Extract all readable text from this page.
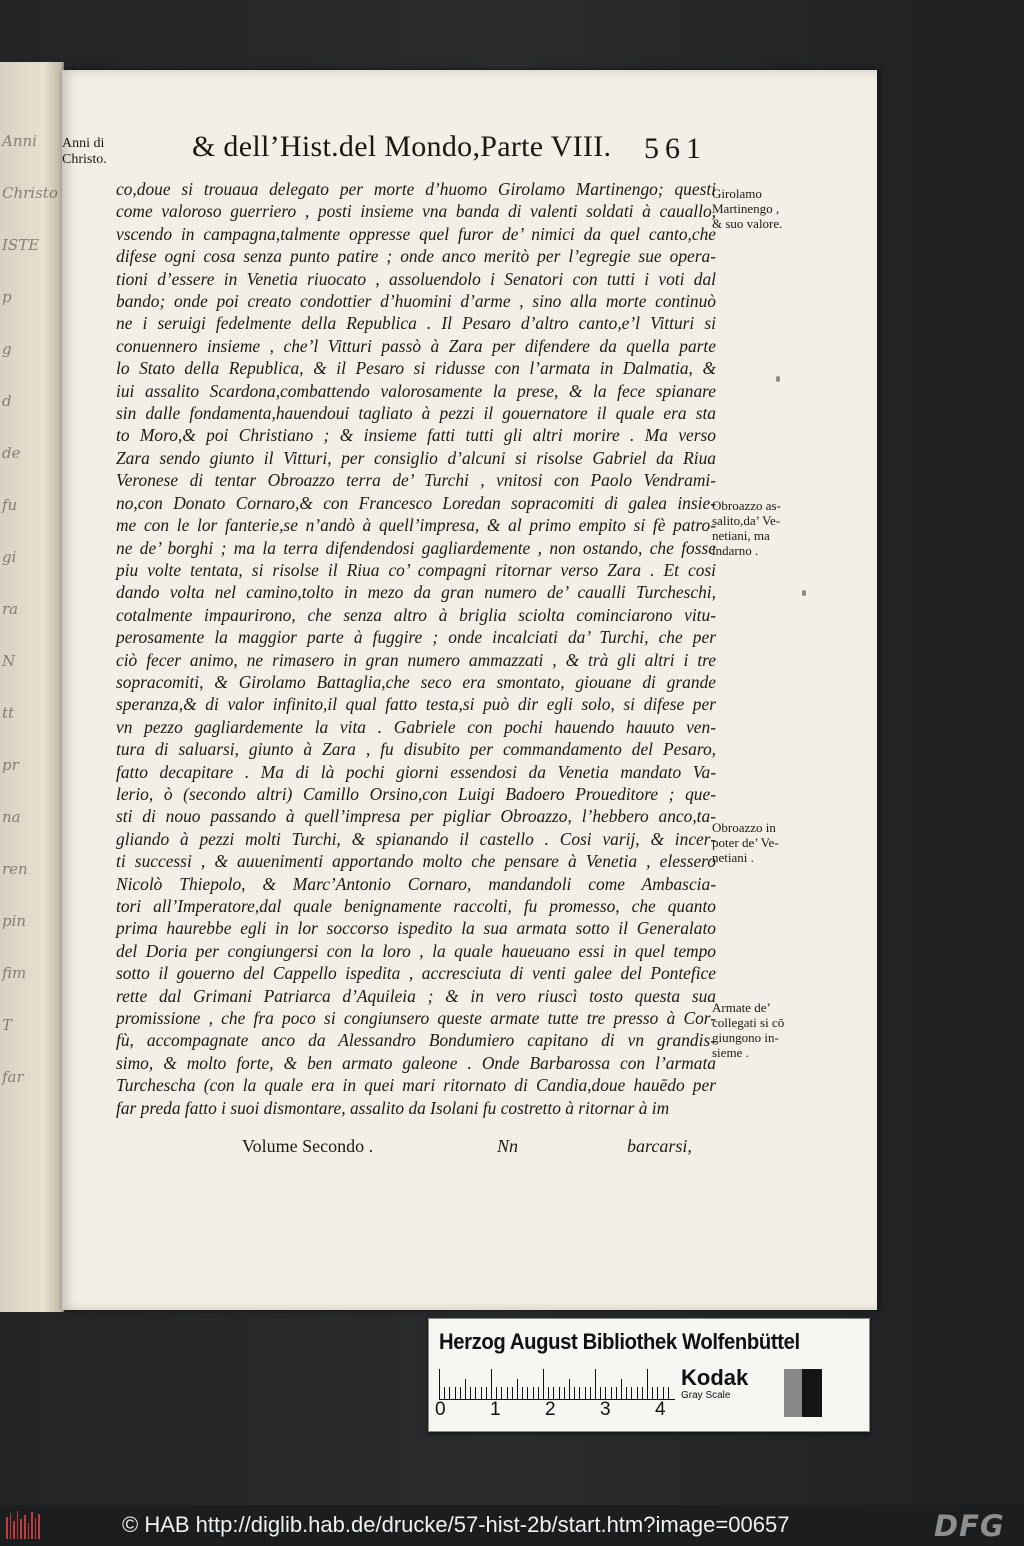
Anni
Christo
ISTE
p
g
d
de
fu
gi
ra
N
tt
pr
na
ren
pin
fim
T
far
Anni di
Christo.	& dell’Hist.del Mondo,Parte VIII.	561
co,doue si trouaua delegato per morte d’huomo Girolamo Martinengo; questi
come valoroso guerriero , posti insieme vna banda di valenti soldati à cauallo,
vscendo in campagna,talmente oppresse quel furor de’ nimici da quel canto,che
difese ogni cosa senza punto patire ; onde anco meritò per l’egregie sue opera-
tioni d’essere in Venetia riuocato , assoluendolo i Senatori con tutti i voti dal
bando; onde poi creato condottier d’huomini d’arme , sino alla morte continuò
ne i seruigi fedelmente della Republica . Il Pesaro d’altro canto,e’l Vitturi si
conuennero insieme , che’l Vitturi passò à Zara per difendere da quella parte
lo Stato della Republica, & il Pesaro si ridusse con l’armata in Dalmatia, &
iui assalito Scardona,combattendo valorosamente la prese, & la fece spianare
sin dalle fondamenta,hauendoui tagliato à pezzi il gouernatore il quale era sta
to Moro,& poi Christiano ; & insieme fatti tutti gli altri morire . Ma verso
Zara sendo giunto il Vitturi, per consiglio d’alcuni si risolse Gabriel da Riua
Veronese di tentar Obroazzo terra de’ Turchi , vnitosi con Paolo Vendrami-
no,con Donato Cornaro,& con Francesco Loredan sopracomiti di galea insie-
me con le lor fanterie,se n’andò à quell’impresa, & al primo empito si fè patro-
ne de’ borghi ; ma la terra difendendosi gagliardemente , non ostando, che fosse
piu volte tentata, si risolse il Riua co’ compagni ritornar verso Zara . Et cosi
dando volta nel camino,tolto in mezo da gran numero de’ caualli Turcheschi,
cotalmente impaurirono, che senza altro à briglia sciolta cominciarono vitu-
perosamente la maggior parte à fuggire ; onde incalciati da’ Turchi, che per
ciò fecer animo, ne rimasero in gran numero ammazzati , & trà gli altri i tre
sopracomiti, & Girolamo Battaglia,che seco era smontato, giouane di grande
speranza,& di valor infinito,il qual fatto testa,si può dir egli solo, si difese per
vn pezzo gagliardemente la vita . Gabriele con pochi hauendo hauuto ven-
tura di saluarsi, giunto à Zara , fu disubito per commandamento del Pesaro,
fatto decapitare . Ma di là pochi giorni essendosi da Venetia mandato Va-
lerio, ò (secondo altri) Camillo Orsino,con Luigi Badoero Proueditore ; que-
sti di nouo passando à quell’impresa per pigliar Obroazzo, l’hebbero anco,ta-
gliando à pezzi molti Turchi, & spianando il castello . Cosi varij, & incer-
ti successi , & auuenimenti apportando molto che pensare à Venetia , elessero
Nicolò Thiepolo, & Marc’Antonio Cornaro, mandandoli come Ambascia-
tori all’Imperatore,dal quale benignamente raccolti, fu promesso, che quanto
prima haurebbe egli in lor soccorso ispedito la sua armata sotto il Generalato
del Doria per congiungersi con la loro , la quale haueuano essi in quel tempo
sotto il gouerno del Cappello ispedita , accresciuta di venti galee del Pontefice
rette dal Grimani Patriarca d’Aquileia ; & in vero riuscì tosto questa sua
promissione , che fra poco si congiunsero queste armate tutte tre presso à Cor-
fù, accompagnate anco da Alessandro Bondumiero capitano di vn grandis-
simo, & molto forte, & ben armato galeone . Onde Barbarossa con l’armata
Turchescha (con la quale era in quei mari ritornato di Candia,doue hauēdo per
far preda fatto i suoi dismontare, assalito da Isolani fu costretto à ritornar à im
Girolamo
Martinengo ,
& suo valore.
Obroazzo as-
salito,da’ Ve-
netiani, ma
indarno .
Obroazzo in
poter de’ Ve-
netiani .
Armate de’
collegati si cō
giungono in-
sieme .
Volume Secondo .	Nn	barcarsi,
Herzog August Bibliothek Wolfenbüttel
0 1 2 3 4
Kodak
Gray Scale
© HAB http://diglib.hab.de/drucke/57-hist-2b/start.htm?image=00657	DFG
